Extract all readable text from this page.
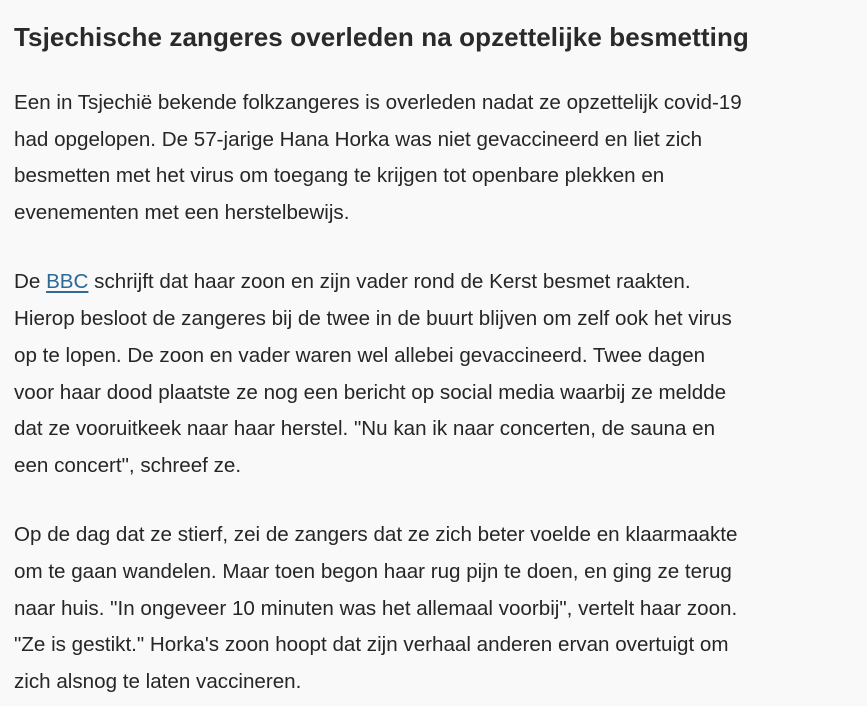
Tsjechische zangeres overleden na opzettelijke besmetting

Een in Tsjechië bekende folkzangeres is overleden nadat ze opzettelijk covid-19
had opgelopen. De 57-jarige Hana Horka was niet gevaccineerd en liet zich
besmetten met het virus om toegang te krijgen tot openbare plekken en
evenementen met een herstelbewijs.

De BBC schrijft dat haar zoon en zijn vader rond de Kerst besmet raakten.
Hierop besloot de zangeres bij de twee in de buurt blijven om zelf ook het virus
op te lopen. De zoon en vader waren wel allebei gevaccineerd. Twee dagen
voor haar dood plaatste ze nog een bericht op social media waarbij ze meldde
dat ze vooruitkeek naar haar herstel. "Nu kan ik naar concerten, de sauna en
een concert", schreef ze.

Op de dag dat ze stierf, zei de zangers dat ze zich beter voelde en klaarmaakte
om te gaan wandelen. Maar toen begon haar rug pijn te doen, en ging ze terug
naar huis. "In ongeveer 10 minuten was het allemaal voorbij", vertelt haar zoon.
"Ze is gestikt." Horka's zoon hoopt dat zijn verhaal anderen ervan overtuigt om
zich alsnog te laten vaccineren.
